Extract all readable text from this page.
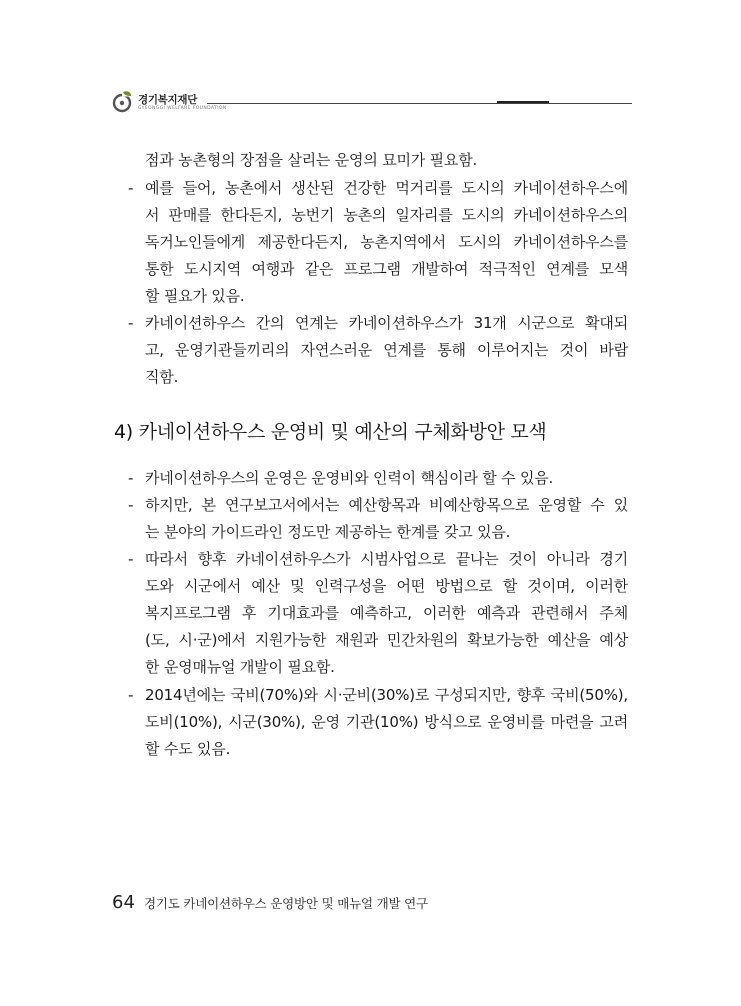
경기복지재단
GYEONGGI WELFARE FOUNDATION
점과 농촌형의 장점을 살리는 운영의 묘미가 필요함.
- 예를 들어, 농촌에서 생산된 건강한 먹거리를 도시의 카네이션하우스에
서 판매를 한다든지, 농번기 농촌의 일자리를 도시의 카네이션하우스의
독거노인들에게 제공한다든지, 농촌지역에서 도시의 카네이션하우스를
통한 도시지역 여행과 같은 프로그램 개발하여 적극적인 연계를 모색
할 필요가 있음.
- 카네이션하우스 간의 연계는 카네이션하우스가 31개 시군으로 확대되
고, 운영기관들끼리의 자연스러운 연계를 통해 이루어지는 것이 바람
직함.
4) 카네이션하우스 운영비 및 예산의 구체화방안 모색
- 카네이션하우스의 운영은 운영비와 인력이 핵심이라 할 수 있음.
- 하지만, 본 연구보고서에서는 예산항목과 비예산항목으로 운영할 수 있
는 분야의 가이드라인 정도만 제공하는 한계를 갖고 있음.
- 따라서 향후 카네이션하우스가 시범사업으로 끝나는 것이 아니라 경기
도와 시군에서 예산 및 인력구성을 어떤 방법으로 할 것이며, 이러한
복지프로그램 후 기대효과를 예측하고, 이러한 예측과 관련해서 주체
(도, 시·군)에서 지원가능한 재원과 민간차원의 확보가능한 예산을 예상
한 운영매뉴얼 개발이 필요함.
- 2014년에는 국비(70%)와 시·군비(30%)로 구성되지만, 향후 국비(50%),
도비(10%), 시군(30%), 운영 기관(10%) 방식으로 운영비를 마련을 고려
할 수도 있음.
64 경기도 카네이션하우스 운영방안 및 매뉴얼 개발 연구
